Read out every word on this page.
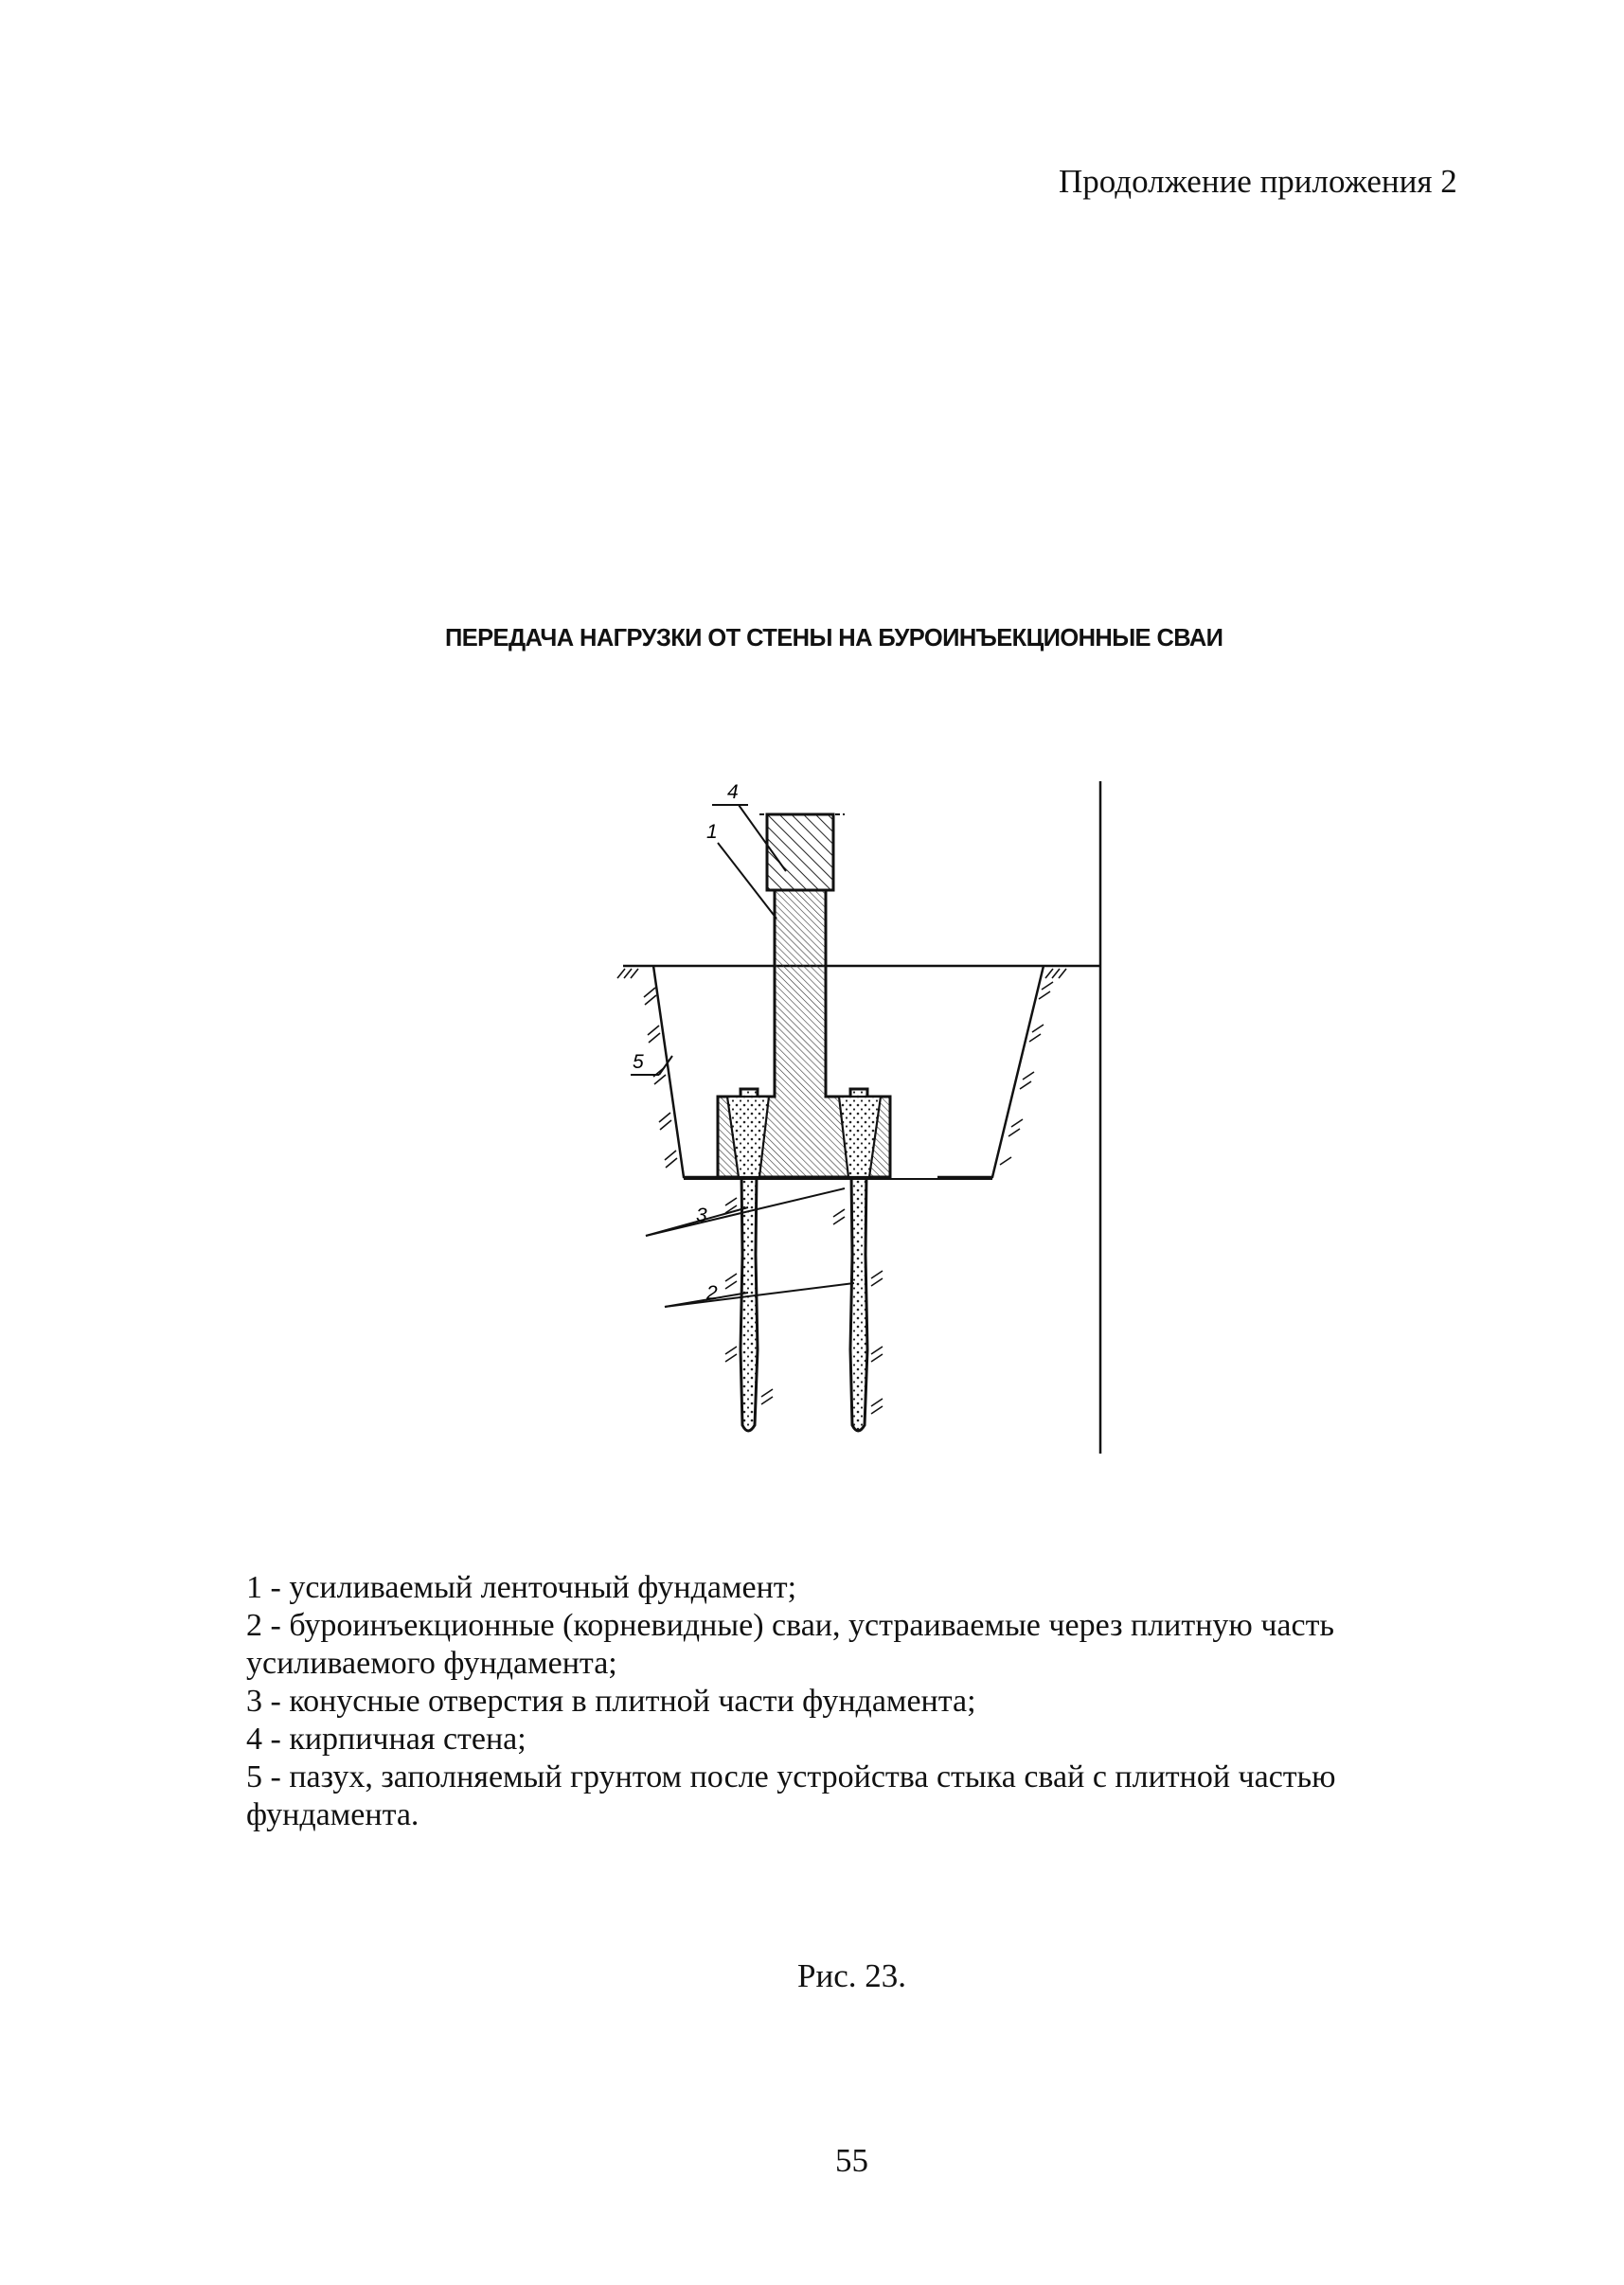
Продолжение приложения 2
ПЕРЕДАЧА НАГРУЗКИ ОТ СТЕНЫ НА БУРОИНЪЕКЦИОННЫЕ СВАИ
4
1
5
3
2

1 - усиливаемый ленточный фундамент;

2 - буроинъекционные (корневидные) сваи, устраиваемые через плитную часть усиливаемого фундамента;

3 - конусные отверстия в плитной части фундамента;

4 - кирпичная стена;

5 - пазух, заполняемый грунтом после устройства стыка свай с плитной частью фундамента.

Рис. 23.
55
